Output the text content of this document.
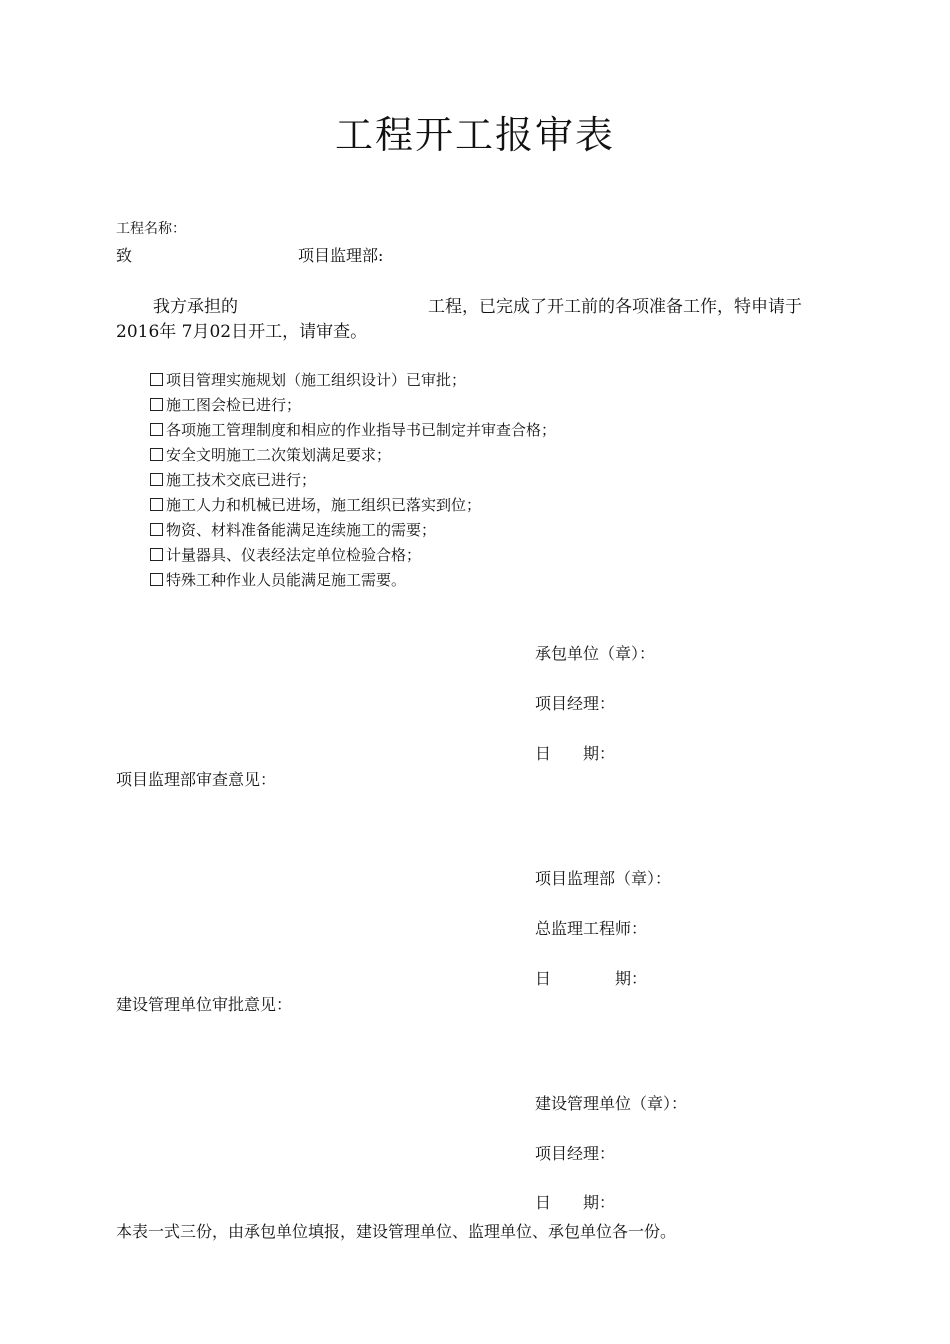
工程开工报审表
工程名称：
致	项目监理部:
我方承担的	工程，已完成了开工前的各项准备工作，特申请于
2016年 7月02日开工，请审查。
项目管理实施规划（施工组织设计）已审批；
施工图会检已进行；
各项施工管理制度和相应的作业指导书已制定并审查合格；
安全文明施工二次策划满足要求；
施工技术交底已进行；
施工人力和机械已进场，施工组织已落实到位；
物资、材料准备能满足连续施工的需要；
计量器具、仪表经法定单位检验合格；
特殊工种作业人员能满足施工需要。
承包单位（章）：
项目经理：
日　　期：
项目监理部审查意见：
项目监理部（章）：
总监理工程师：
日　　　　期：
建设管理单位审批意见：
建设管理单位（章）：
项目经理：
日　　期：
本表一式三份，由承包单位填报，建设管理单位、监理单位、承包单位各一份。
